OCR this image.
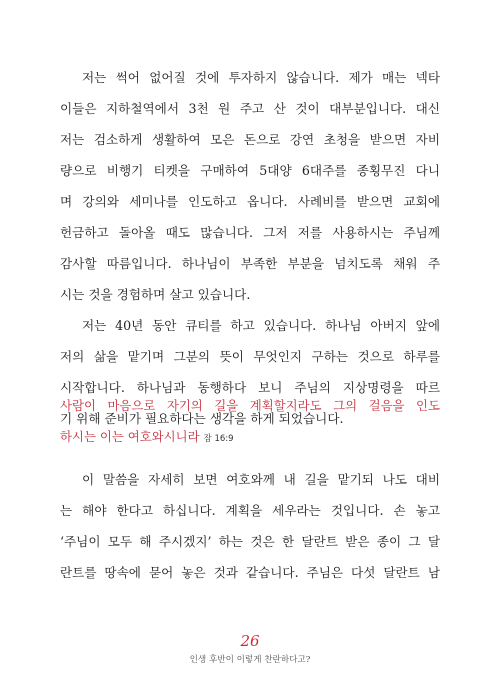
저는 썩어 없어질 것에 투자하지 않습니다. 제가 매는 넥타
이들은 지하철역에서 3천 원 주고 산 것이 대부분입니다. 대신
저는 검소하게 생활하여 모은 돈으로 강연 초청을 받으면 자비
량으로 비행기 티켓을 구매하여 5대양 6대주를 종횡무진 다니
며 강의와 세미나를 인도하고 옵니다. 사례비를 받으면 교회에
헌금하고 돌아올 때도 많습니다. 그저 저를 사용하시는 주님께
감사할 따름입니다. 하나님이 부족한 부분을 넘치도록 채워 주
시는 것을 경험하며 살고 있습니다.
저는 40년 동안 큐티를 하고 있습니다. 하나님 아버지 앞에
저의 삶을 맡기며 그분의 뜻이 무엇인지 구하는 것으로 하루를
시작합니다. 하나님과 동행하다 보니 주님의 지상명령을 따르
기 위해 준비가 필요하다는 생각을 하게 되었습니다.
사람이 마음으로 자기의 길을 계획할지라도 그의 걸음을 인도
하시는 이는 여호와시니라 잠 16:9
이 말씀을 자세히 보면 여호와께 내 길을 맡기되 나도 대비
는 해야 한다고 하십니다. 계획을 세우라는 것입니다. 손 놓고
‘주님이 모두 해 주시겠지’ 하는 것은 한 달란트 받은 종이 그 달
란트를 땅속에 묻어 놓은 것과 같습니다. 주님은 다섯 달란트 남
26
인생 후반이 이렇게 찬란하다고?
